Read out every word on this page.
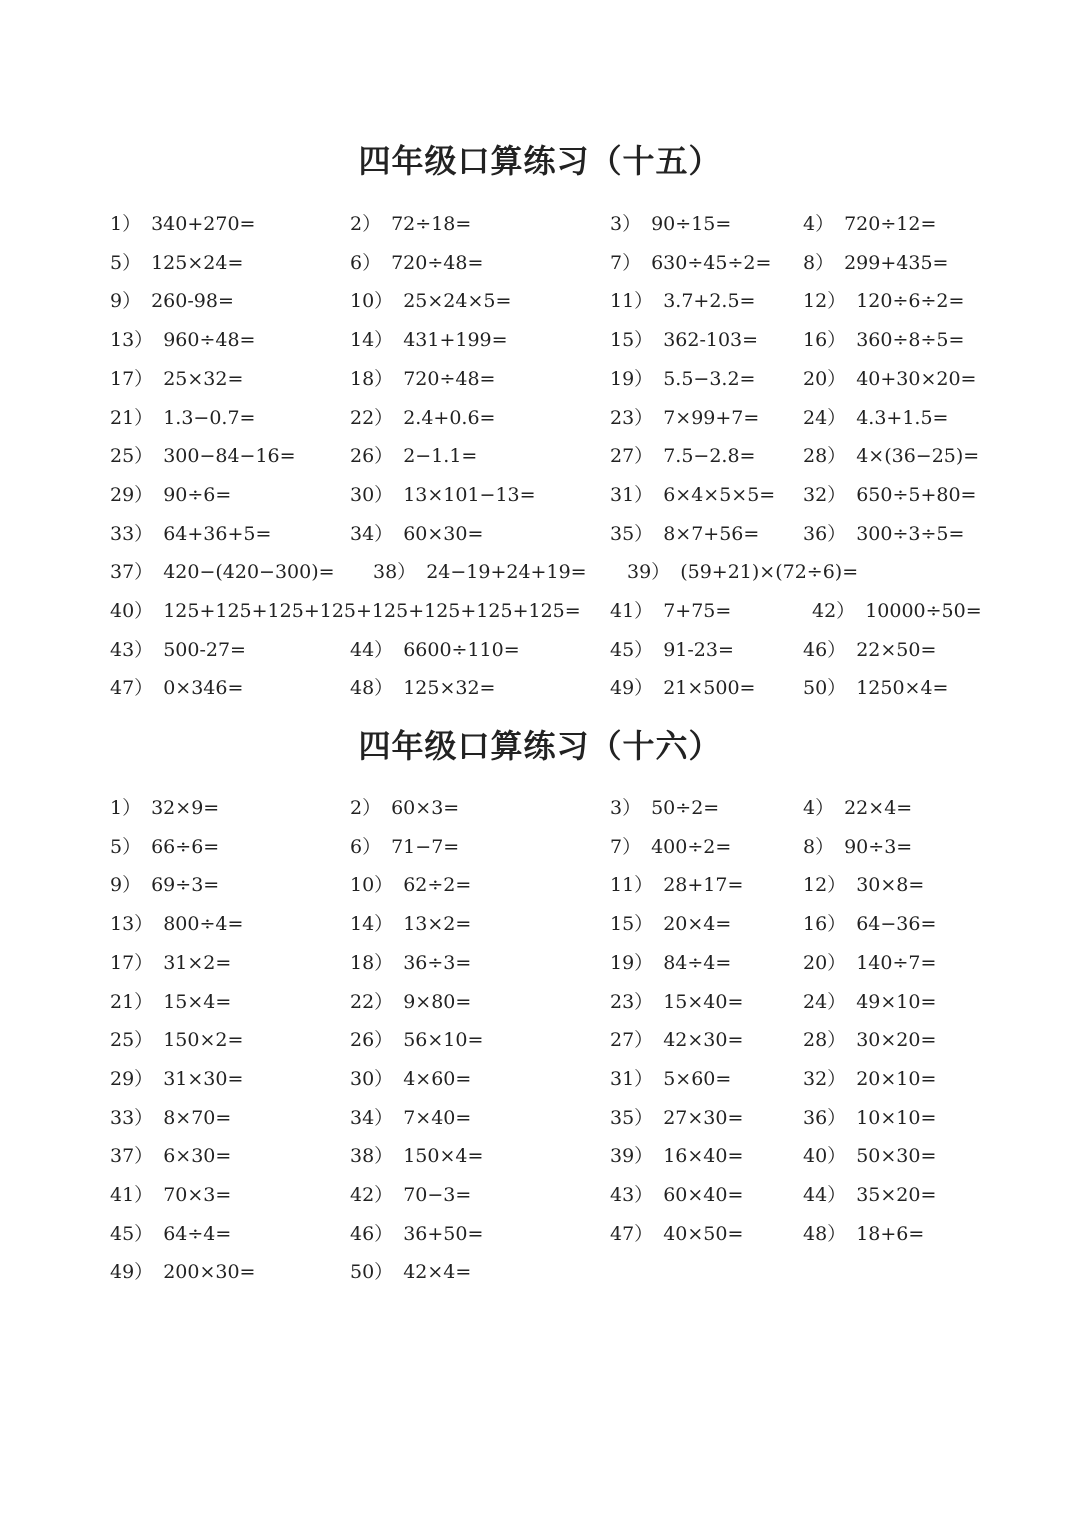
四年级口算练习（十五）
1） 340+270=	2） 72÷18=	3） 90÷15=	4） 720÷12=
5） 125×24=	6） 720÷48=	7） 630÷45÷2= 8） 299+435=
9） 260-98=	10） 25×24×5=	11） 3.7+2.5=	12） 120÷6÷2=
13） 960÷48=	14） 431+199=	15） 362-103= 16） 360÷8÷5=
17） 25×32=	18） 720÷48=	19） 5.5−3.2=	20） 40+30×20=
21） 1.3−0.7=	22） 2.4+0.6=	23） 7×99+7= 24） 4.3+1.5=
25） 300−84−16=	26） 2−1.1=	27） 7.5−2.8=	28） 4×(36−25)=
29） 90÷6=	30） 13×101−13=	31） 6×4×5×5= 32） 650÷5+80=
33） 64+36+5=	34） 60×30=	35） 8×7+56= 36） 300÷3÷5=
37） 420−(420−300)= 38） 24−19+24+19= 39） (59+21)×(72÷6)=
40） 125+125+125+125+125+125+125+125= 41） 7+75=	42） 10000÷50=
43） 500-27=	44） 6600÷110=	45） 91-23=	46） 22×50=
47） 0×346=	48） 125×32=	49） 21×500=	50） 1250×4=
四年级口算练习（十六）
1） 32×9=	2） 60×3=	3） 50÷2=	4） 22×4=
5） 66÷6=	6） 71−7=	7） 400÷2=	8） 90÷3=
9） 69÷3=	10） 62÷2=	11） 28+17=	12） 30×8=
13） 800÷4=	14） 13×2=	15） 20×4=	16） 64−36=
17） 31×2=	18） 36÷3=	19） 84÷4=	20） 140÷7=
21） 15×4=	22） 9×80=	23） 15×40=	24） 49×10=
25） 150×2=	26） 56×10=	27） 42×30=	28） 30×20=
29） 31×30=	30） 4×60=	31） 5×60=	32） 20×10=
33） 8×70=	34） 7×40=	35） 27×30=	36） 10×10=
37） 6×30=	38） 150×4=	39） 16×40=	40） 50×30=
41） 70×3=	42） 70−3=	43） 60×40=	44） 35×20=
45） 64÷4=	46） 36+50=	47） 40×50=	48） 18+6=
49） 200×30=	50） 42×4=
